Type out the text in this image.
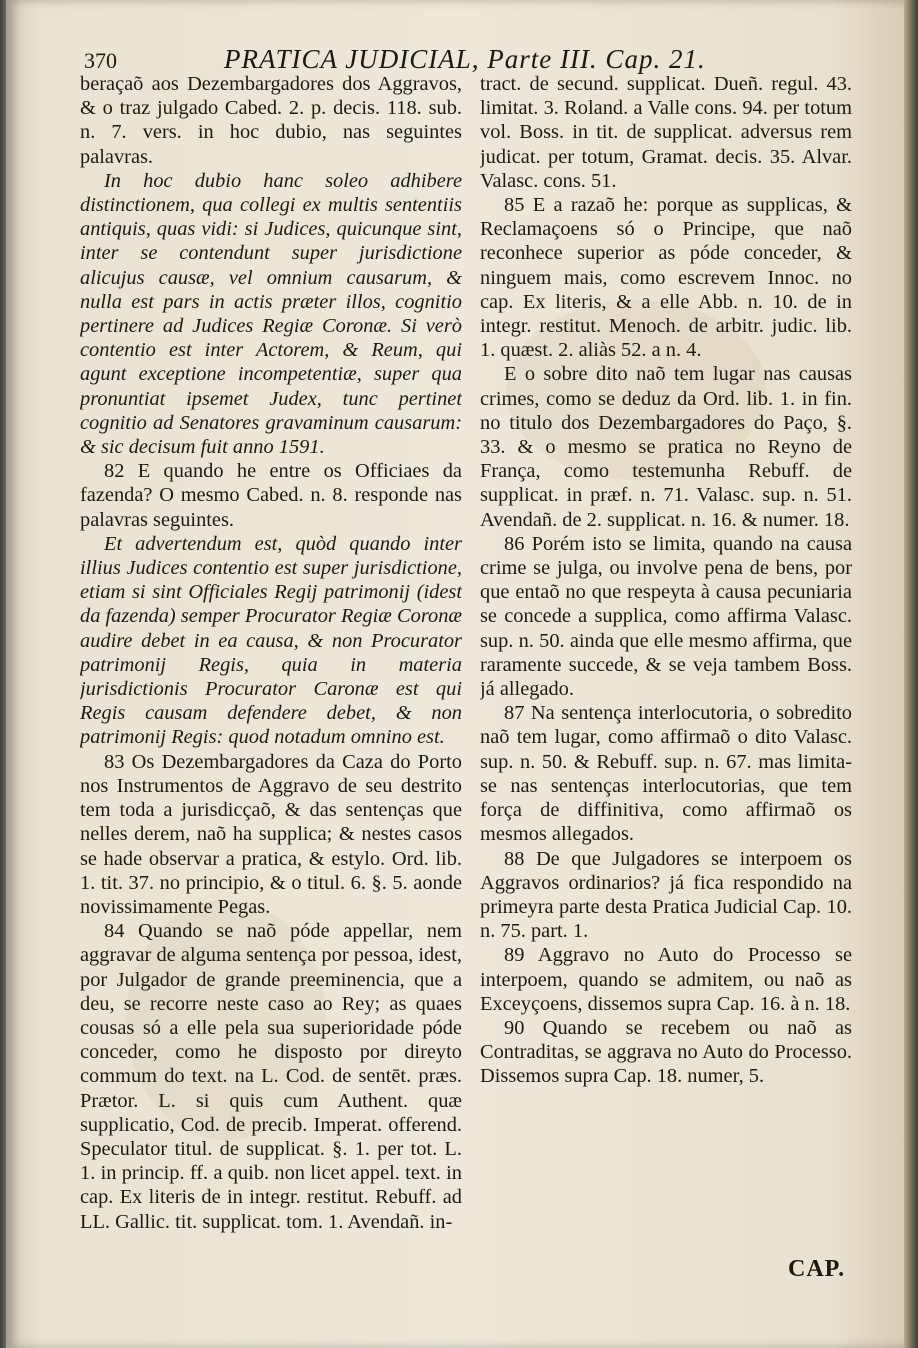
370	PRATICA JUDICIAL, Parte III. Cap. 21.

beraçaõ aos Dezembargadores dos Aggravos, & o traz julgado Cabed. 2. p. decis. 118. sub. n. 7. vers. in hoc dubio, nas seguintes palavras.

In hoc dubio hanc soleo adhibere distinctionem, qua collegi ex multis sententiis antiquis, quas vidi: si Judices, quicunque sint, inter se contendunt super jurisdictione alicujus causæ, vel omnium causarum, & nulla est pars in actis præter illos, cognitio pertinere ad Judices Regiæ Coronæ. Si verò contentio est inter Actorem, & Reum, qui agunt exceptione incompetentiæ, super qua pronuntiat ipsemet Judex, tunc pertinet cognitio ad Senatores gravaminum causarum: & sic decisum fuit anno 1591.

82 E quando he entre os Officiaes da fazenda? O mesmo Cabed. n. 8. responde nas palavras seguintes.

Et advertendum est, quòd quando inter illius Judices contentio est super jurisdictione, etiam si sint Officiales Regij patrimonij (idest da fazenda) semper Procurator Regiæ Coronæ audire debet in ea causa, & non Procurator patrimonij Regis, quia in materia jurisdictionis Procurator Caronæ est qui Regis causam defendere debet, & non patrimonij Regis: quod notadum omnino est.

83 Os Dezembargadores da Caza do Porto nos Instrumentos de Aggravo de seu destrito tem toda a jurisdicçaõ, & das sentenças que nelles derem, naõ ha supplica; & nestes casos se hade observar a pratica, & estylo. Ord. lib. 1. tit. 37. no principio, & o titul. 6. §. 5. aonde novissimamente Pegas.

84 Quando se naõ póde appellar, nem aggravar de alguma sentença por pessoa, idest, por Julgador de grande preeminencia, que a deu, se recorre neste caso ao Rey; as quaes cousas só a elle pela sua superioridade póde conceder, como he disposto por direyto commum do text. na L. Cod. de sentēt. præs. Prætor. L. si quis cum Authent. quæ supplicatio, Cod. de precib. Imperat. offerend. Speculator titul. de supplicat. §. 1. per tot. L. 1. in princip. ff. a quib. non licet appel. text. in cap. Ex literis de in integr. restitut. Rebuff. ad LL. Gallic. tit. supplicat. tom. 1. Avendañ. in-

tract. de secund. supplicat. Dueñ. regul. 43. limitat. 3. Roland. a Valle cons. 94. per totum vol. Boss. in tit. de supplicat. adversus rem judicat. per totum, Gramat. decis. 35. Alvar. Valasc. cons. 51.

85 E a razaõ he: porque as supplicas, & Reclamaçoens só o Principe, que naõ reconhece superior as póde conceder, & ninguem mais, como escrevem Innoc. no cap. Ex literis, & a elle Abb. n. 10. de in integr. restitut. Menoch. de arbitr. judic. lib. 1. quæst. 2. aliàs 52. a n. 4.

E o sobre dito naõ tem lugar nas causas crimes, como se deduz da Ord. lib. 1. in fin. no titulo dos Dezembargadores do Paço, §. 33. & o mesmo se pratica no Reyno de França, como testemunha Rebuff. de supplicat. in præf. n. 71. Valasc. sup. n. 51. Avendañ. de 2. supplicat. n. 16. & numer. 18.

86 Porém isto se limita, quando na causa crime se julga, ou involve pena de bens, por que entaõ no que respeyta à causa pecuniaria se concede a supplica, como affirma Valasc. sup. n. 50. ainda que elle mesmo affirma, que raramente succede, & se veja tambem Boss. já allegado.

87 Na sentença interlocutoria, o sobredito naõ tem lugar, como affirmaõ o dito Valasc. sup. n. 50. & Rebuff. sup. n. 67. mas limita-se nas sentenças interlocutorias, que tem força de diffinitiva, como affirmaõ os mesmos allegados.

88 De que Julgadores se interpoem os Aggravos ordinarios? já fica respondido na primeyra parte desta Pratica Judicial Cap. 10. n. 75. part. 1.

89 Aggravo no Auto do Processo se interpoem, quando se admitem, ou naõ as Exceyçoens, dissemos supra Cap. 16. à n. 18.

90 Quando se recebem ou naõ as Contraditas, se aggrava no Auto do Processo. Dissemos supra Cap. 18. numer, 5.

CAP.
